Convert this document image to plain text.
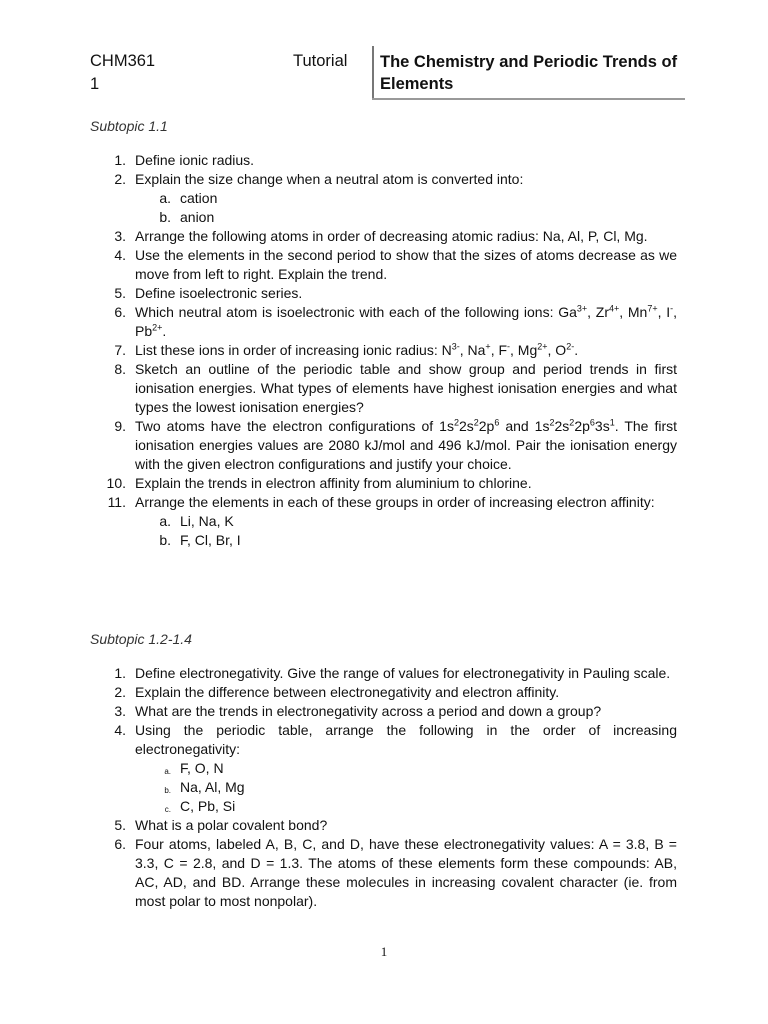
CHM361	Tutorial
1
The Chemistry and Periodic Trends of Elements
Subtopic 1.1
1. Define ionic radius.
2. Explain the size change when a neutral atom is converted into:
a. cation
b. anion
3. Arrange the following atoms in order of decreasing atomic radius: Na, Al, P, Cl, Mg.
4. Use the elements in the second period to show that the sizes of atoms decrease as we move from left to right. Explain the trend.
5. Define isoelectronic series.
6. Which neutral atom is isoelectronic with each of the following ions: $Ga^{3+}$, $Zr^{4+}$, $Mn^{7+}$, I-, $Pb^{2+}$.
7. List these ions in order of increasing ionic radius: $N^{3-}$, Na+, F-, $Mg^{2+}$, $O^{2-}$.
8. Sketch an outline of the periodic table and show group and period trends in first ionisation energies. What types of elements have highest ionisation energies and what types the lowest ionisation energies?
9. Two atoms have the electron configurations of $1s^22s^22p^6$ and $1s^22s^22p^63s^1$. The first ionisation energies values are 2080 kJ/mol and 496 kJ/mol. Pair the ionisation energy with the given electron configurations and justify your choice.
10. Explain the trends in electron affinity from aluminium to chlorine.
11. Arrange the elements in each of these groups in order of increasing electron affinity:
a. Li, Na, K
b. F, Cl, Br, I
Subtopic 1.2-1.4
1. Define electronegativity. Give the range of values for electronegativity in Pauling scale.
2. Explain the difference between electronegativity and electron affinity.
3. What are the trends in electronegativity across a period and down a group?
4. Using the periodic table, arrange the following in the order of increasing electronegativity:
a. F, O, N
b. Na, Al, Mg
c. C, Pb, Si
5. What is a polar covalent bond?
6. Four atoms, labeled A, B, C, and D, have these electronegativity values: A = 3.8, B = 3.3, C = 2.8, and D = 1.3. The atoms of these elements form these compounds: AB, AC, AD, and BD. Arrange these molecules in increasing covalent character (ie. from most polar to most nonpolar).
1
